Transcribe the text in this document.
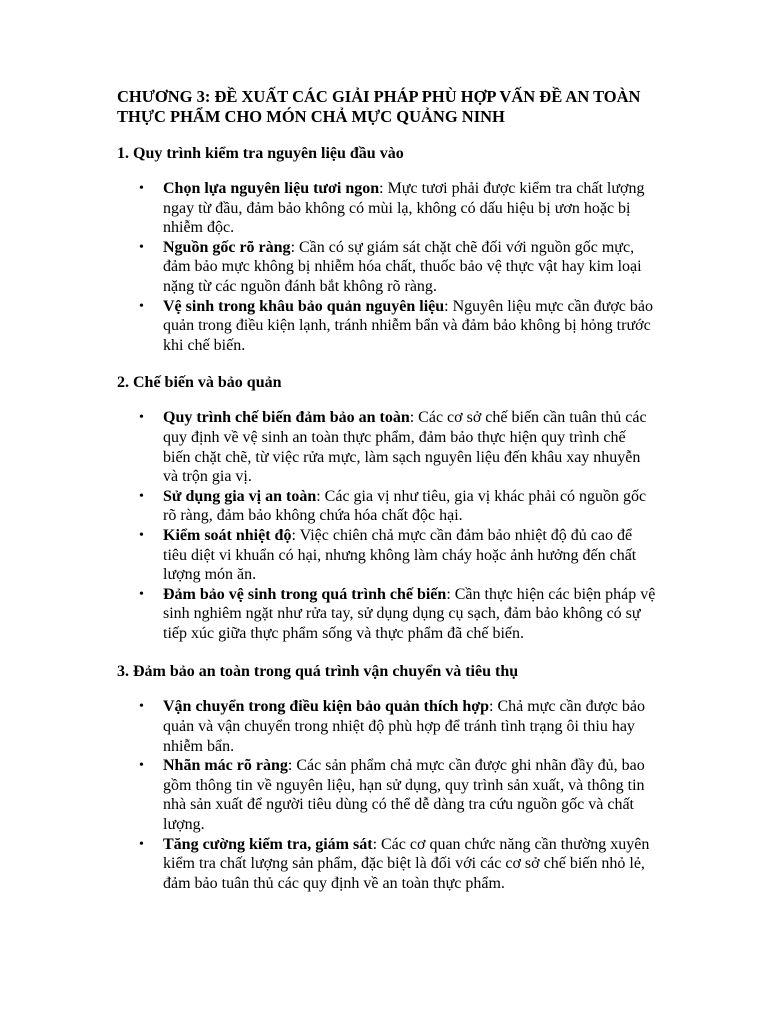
CHƯƠNG 3: ĐỀ XUẤT CÁC GIẢI PHÁP PHÙ HỢP VẤN ĐỀ AN TOÀN THỰC PHẨM CHO MÓN CHẢ MỰC QUẢNG NINH
1. Quy trình kiểm tra nguyên liệu đầu vào
• Chọn lựa nguyên liệu tươi ngon: Mực tươi phải được kiểm tra chất lượng ngay từ đầu, đảm bảo không có mùi lạ, không có dấu hiệu bị ươn hoặc bị nhiễm độc.
• Nguồn gốc rõ ràng: Cần có sự giám sát chặt chẽ đối với nguồn gốc mực, đảm bảo mực không bị nhiễm hóa chất, thuốc bảo vệ thực vật hay kim loại nặng từ các nguồn đánh bắt không rõ ràng.
• Vệ sinh trong khâu bảo quản nguyên liệu: Nguyên liệu mực cần được bảo quản trong điều kiện lạnh, tránh nhiễm bẩn và đảm bảo không bị hỏng trước khi chế biến.
2. Chế biến và bảo quản
• Quy trình chế biến đảm bảo an toàn: Các cơ sở chế biến cần tuân thủ các quy định về vệ sinh an toàn thực phẩm, đảm bảo thực hiện quy trình chế biến chặt chẽ, từ việc rửa mực, làm sạch nguyên liệu đến khâu xay nhuyễn và trộn gia vị.
• Sử dụng gia vị an toàn: Các gia vị như tiêu, gia vị khác phải có nguồn gốc rõ ràng, đảm bảo không chứa hóa chất độc hại.
• Kiểm soát nhiệt độ: Việc chiên chả mực cần đảm bảo nhiệt độ đủ cao để tiêu diệt vi khuẩn có hại, nhưng không làm cháy hoặc ảnh hưởng đến chất lượng món ăn.
• Đảm bảo vệ sinh trong quá trình chế biến: Cần thực hiện các biện pháp vệ sinh nghiêm ngặt như rửa tay, sử dụng dụng cụ sạch, đảm bảo không có sự tiếp xúc giữa thực phẩm sống và thực phẩm đã chế biến.
3. Đảm bảo an toàn trong quá trình vận chuyển và tiêu thụ
• Vận chuyển trong điều kiện bảo quản thích hợp: Chả mực cần được bảo quản và vận chuyển trong nhiệt độ phù hợp để tránh tình trạng ôi thiu hay nhiễm bẩn.
• Nhãn mác rõ ràng: Các sản phẩm chả mực cần được ghi nhãn đầy đủ, bao gồm thông tin về nguyên liệu, hạn sử dụng, quy trình sản xuất, và thông tin nhà sản xuất để người tiêu dùng có thể dễ dàng tra cứu nguồn gốc và chất lượng.
• Tăng cường kiểm tra, giám sát: Các cơ quan chức năng cần thường xuyên kiểm tra chất lượng sản phẩm, đặc biệt là đối với các cơ sở chế biến nhỏ lẻ, đảm bảo tuân thủ các quy định về an toàn thực phẩm.
